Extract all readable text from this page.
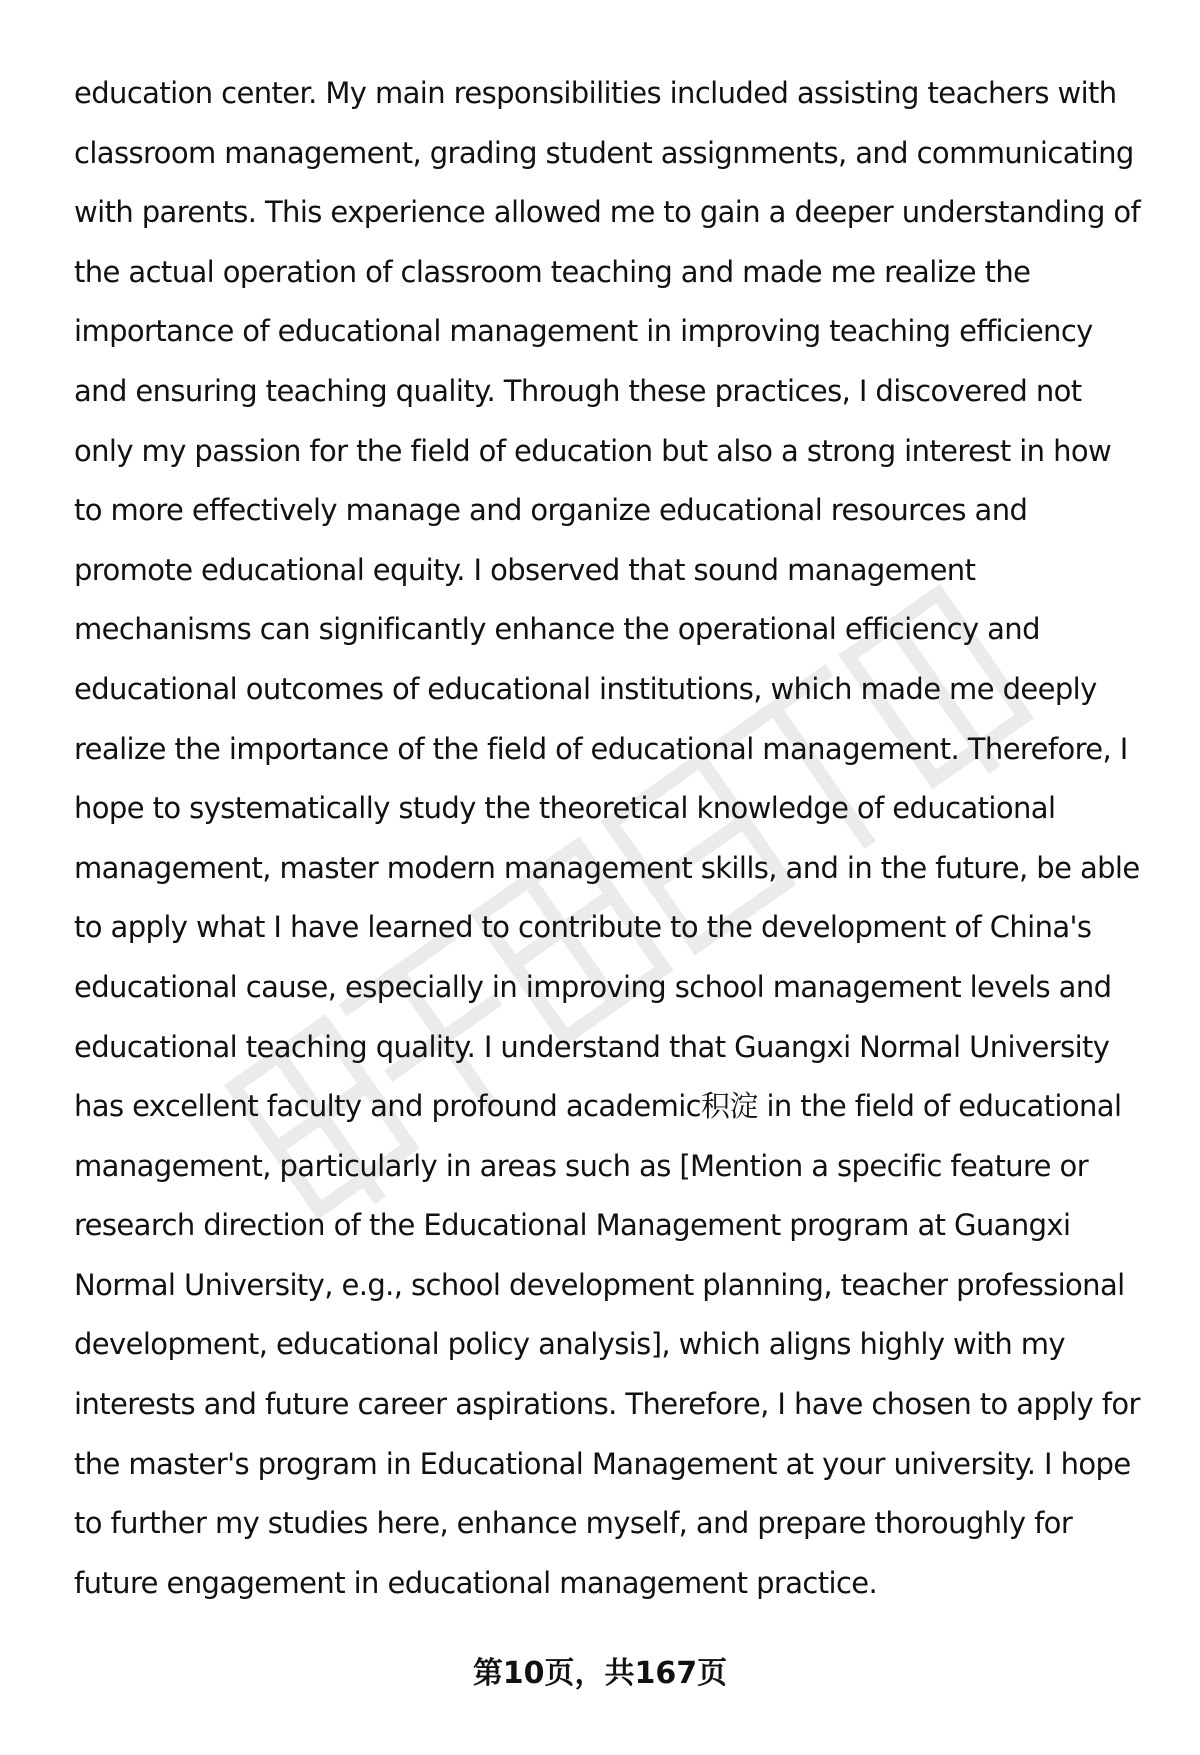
education center. My main responsibilities included assisting teachers with
classroom management, grading student assignments, and communicating
with parents. This experience allowed me to gain a deeper understanding of
the actual operation of classroom teaching and made me realize the
importance of educational management in improving teaching efficiency
and ensuring teaching quality. Through these practices, I discovered not
only my passion for the field of education but also a strong interest in how
to more effectively manage and organize educational resources and
promote educational equity. I observed that sound management
mechanisms can significantly enhance the operational efficiency and
educational outcomes of educational institutions, which made me deeply
realize the importance of the field of educational management. Therefore, I
hope to systematically study the theoretical knowledge of educational
management, master modern management skills, and in the future, be able
to apply what I have learned to contribute to the development of China's
educational cause, especially in improving school management levels and
educational teaching quality. I understand that Guangxi Normal University
has excellent faculty and profound academic积淀 in the field of educational
management, particularly in areas such as [Mention a specific feature or
research direction of the Educational Management program at Guangxi
Normal University, e.g., school development planning, teacher professional
development, educational policy analysis], which aligns highly with my
interests and future career aspirations. Therefore, I have chosen to apply for
the master's program in Educational Management at your university. I hope
to further my studies here, enhance myself, and prepare thoroughly for
future engagement in educational management practice.
第10页，共167页
